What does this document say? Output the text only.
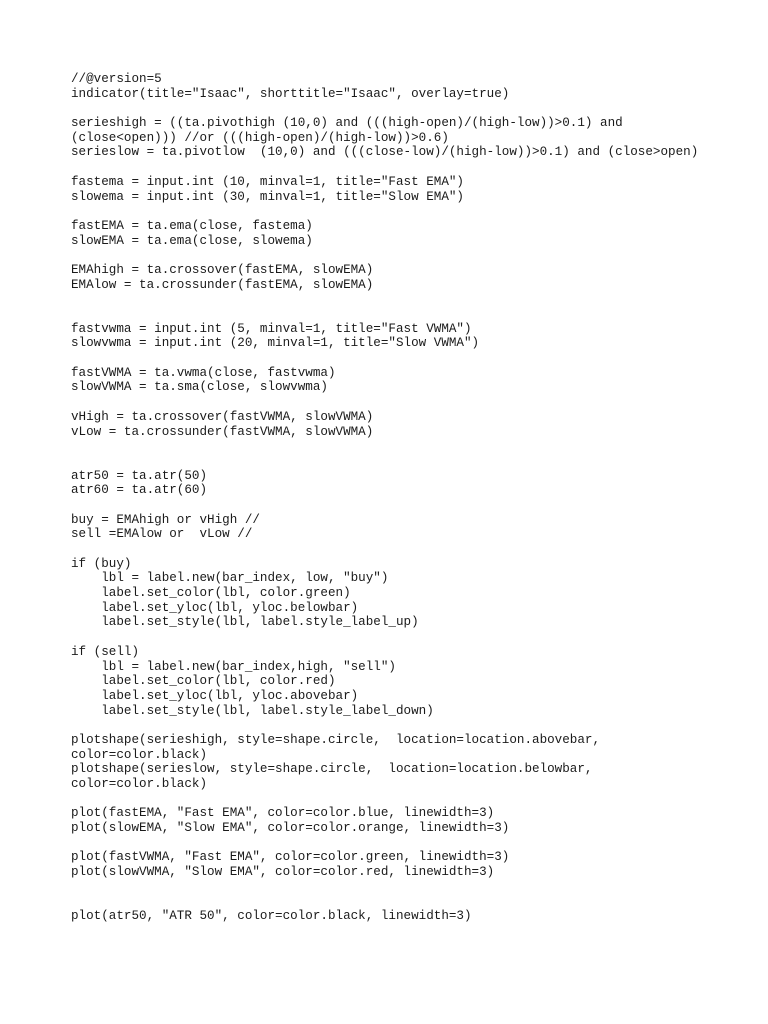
//@version=5
indicator(title="Isaac", shorttitle="Isaac", overlay=true)
serieshigh = ((ta.pivothigh (10,0) and (((high-open)/(high-low))>0.1) and
(close<open))) //or (((high-open)/(high-low))>0.6)
serieslow = ta.pivotlow  (10,0) and (((close-low)/(high-low))>0.1) and (close>open)
fastema = input.int (10, minval=1, title="Fast EMA")
slowema = input.int (30, minval=1, title="Slow EMA")
fastEMA = ta.ema(close, fastema)
slowEMA = ta.ema(close, slowema)
EMAhigh = ta.crossover(fastEMA, slowEMA)
EMAlow = ta.crossunder(fastEMA, slowEMA)
fastvwma = input.int (5, minval=1, title="Fast VWMA")
slowvwma = input.int (20, minval=1, title="Slow VWMA")
fastVWMA = ta.vwma(close, fastvwma)
slowVWMA = ta.sma(close, slowvwma)
vHigh = ta.crossover(fastVWMA, slowVWMA)
vLow = ta.crossunder(fastVWMA, slowVWMA)
atr50 = ta.atr(50)
atr60 = ta.atr(60)
buy = EMAhigh or vHigh //
sell =EMAlow or  vLow //
if (buy)
lbl = label.new(bar_index, low, "buy")
label.set_color(lbl, color.green)
label.set_yloc(lbl, yloc.belowbar)
label.set_style(lbl, label.style_label_up)
if (sell)
lbl = label.new(bar_index,high, "sell")
label.set_color(lbl, color.red)
label.set_yloc(lbl, yloc.abovebar)
label.set_style(lbl, label.style_label_down)
plotshape(serieshigh, style=shape.circle,  location=location.abovebar,
color=color.black)
plotshape(serieslow, style=shape.circle,  location=location.belowbar,
color=color.black)
plot(fastEMA, "Fast EMA", color=color.blue, linewidth=3)
plot(slowEMA, "Slow EMA", color=color.orange, linewidth=3)
plot(fastVWMA, "Fast EMA", color=color.green, linewidth=3)
plot(slowVWMA, "Slow EMA", color=color.red, linewidth=3)
plot(atr50, "ATR 50", color=color.black, linewidth=3)
